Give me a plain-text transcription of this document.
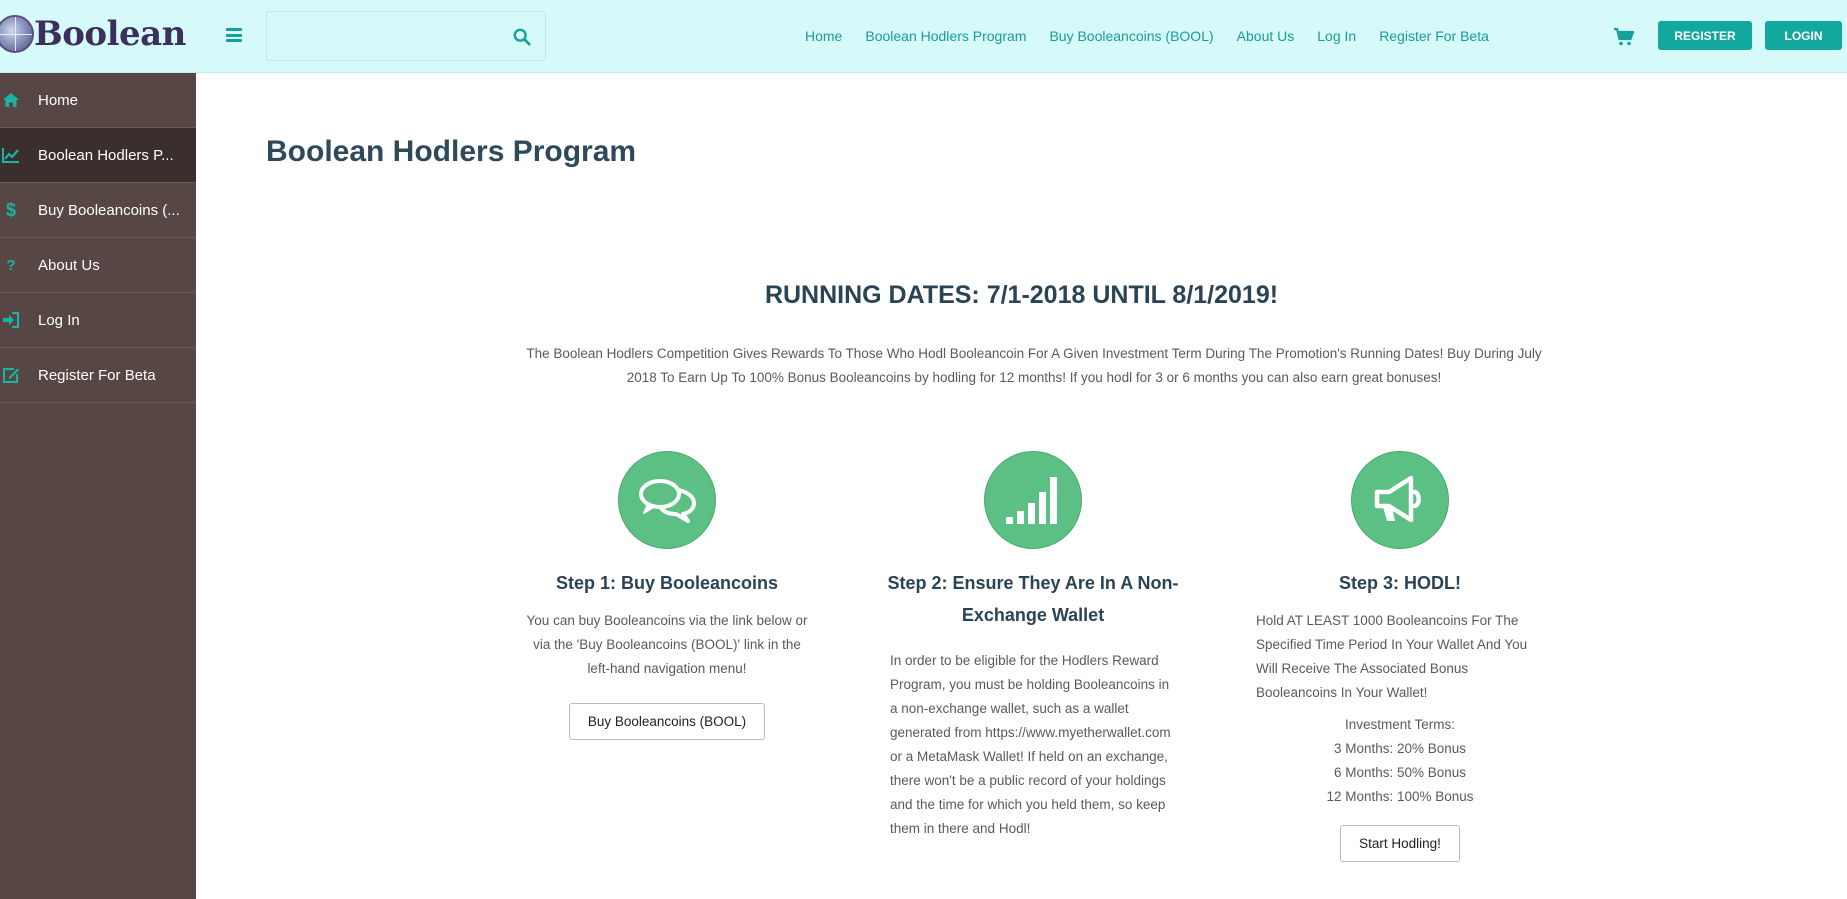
Boolean	Home Boolean Hodlers Program Buy Booleancoins (BOOL) About Us Log In Register For Beta	REGISTER	LOGIN
Home
Boolean Hodlers P...
$ Buy Booleancoins (...
? About Us
Log In
Register For Beta
Boolean Hodlers Program
RUNNING DATES: 7/1-2018 UNTIL 8/1/2019!

The Boolean Hodlers Competition Gives Rewards To Those Who Hodl Booleancoin For A Given Investment Term During The Promotion's Running Dates! Buy During July 2018 To Earn Up To 100% Bonus Booleancoins by hodling for 12 months! If you hodl for 3 or 6 months you can also earn great bonuses!

Step 1: Buy Booleancoins

You can buy Booleancoins via the link below or via the 'Buy Booleancoins (BOOL)' link in the left-hand navigation menu!

Buy Booleancoins (BOOL)
Step 2: Ensure They Are In A Non-Exchange Wallet

In order to be eligible for the Hodlers Reward Program, you must be holding Booleancoins in a non-exchange wallet, such as a wallet generated from https://www.myetherwallet.com or a MetaMask Wallet! If held on an exchange, there won't be a public record of your holdings and the time for which you held them, so keep them in there and Hodl!

Step 3: HODL!

Hold AT LEAST 1000 Booleancoins For The Specified Time Period In Your Wallet And You Will Receive The Associated Bonus Booleancoins In Your Wallet!

Investment Terms:
3 Months: 20% Bonus
6 Months: 50% Bonus
12 Months: 100% Bonus
Start Hodling!
